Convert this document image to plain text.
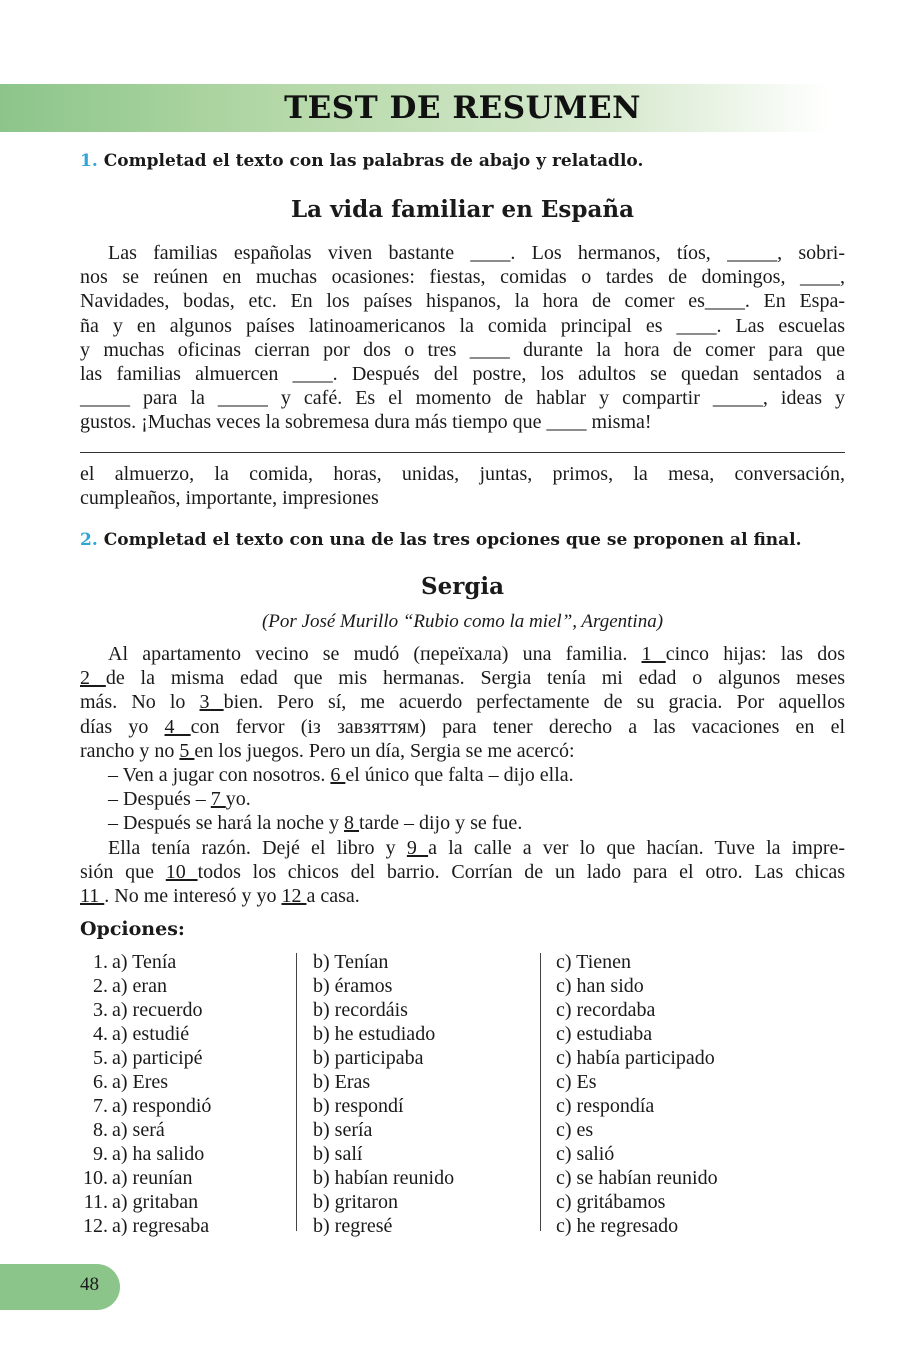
TEST DE RESUMEN
1. Completad el texto con las palabras de abajo y relatadlo.
La vida familiar en España
Las familias españolas viven bastante ____. Los hermanos, tíos, _____, sobri-
nos se reúnen en muchas ocasiones: fiestas, comidas o tardes de domingos, ____,
Navidades, bodas, etc. En los países hispanos, la hora de comer es____. En Espa-
ña y en algunos países latinoamericanos la comida principal es ____. Las escuelas
y muchas oficinas cierran por dos o tres ____ durante la hora de comer para que
las familias almuercen ____. Después del postre, los adultos se quedan sentados a
_____ para la _____ y café. Es el momento de hablar y compartir _____, ideas y
gustos. ¡Muchas veces la sobremesa dura más tiempo que ____ misma!
el almuerzo, la comida, horas, unidas, juntas, primos, la mesa, conversación,
cumpleaños, importante, impresiones
2. Completad el texto con una de las tres opciones que se proponen al final.
Sergia
(Por José Murillo “Rubio como la miel”, Argentina)
Al apartamento vecino se mudó (переїхала) una familia. 1 cinco hijas: las dos
2 de la misma edad que mis hermanas. Sergia tenía mi edad o algunos meses
más. No lo 3 bien. Pero sí, me acuerdo perfectamente de su gracia. Por aquellos
días yo 4 con fervor (із завзяттям) para tener derecho a las vacaciones en el
rancho y no 5 en los juegos. Pero un día, Sergia se me acercó:
– Ven a jugar con nosotros. 6 el único que falta – dijo ella.
– Después – 7 yo.
– Después se hará la noche y 8 tarde – dijo y se fue.
Ella tenía razón. Dejé el libro y 9 a la calle a ver lo que hacían. Tuve la impre-
sión que 10 todos los chicos del barrio. Corrían de un lado para el otro. Las chicas
11 . No me interesó y yo 12 a casa.
Opciones:
1. a) Tenía
2. a) eran
3. a) recuerdo
4. a) estudié
5. a) participé
6. a) Eres
7. a) respondió
8. a) será
9. a) ha salido
10. a) reunían
11. a) gritaban
12. a) regresaba
b) Tenían
b) éramos
b) recordáis
b) he estudiado
b) participaba
b) Eras
b) respondí
b) sería
b) salí
b) habían reunido
b) gritaron
b) regresé
c) Tienen
c) han sido
c) recordaba
c) estudiaba
c) había participado
c) Es
c) respondía
c) es
c) salió
c) se habían reunido
c) gritábamos
c) he regresado
48
